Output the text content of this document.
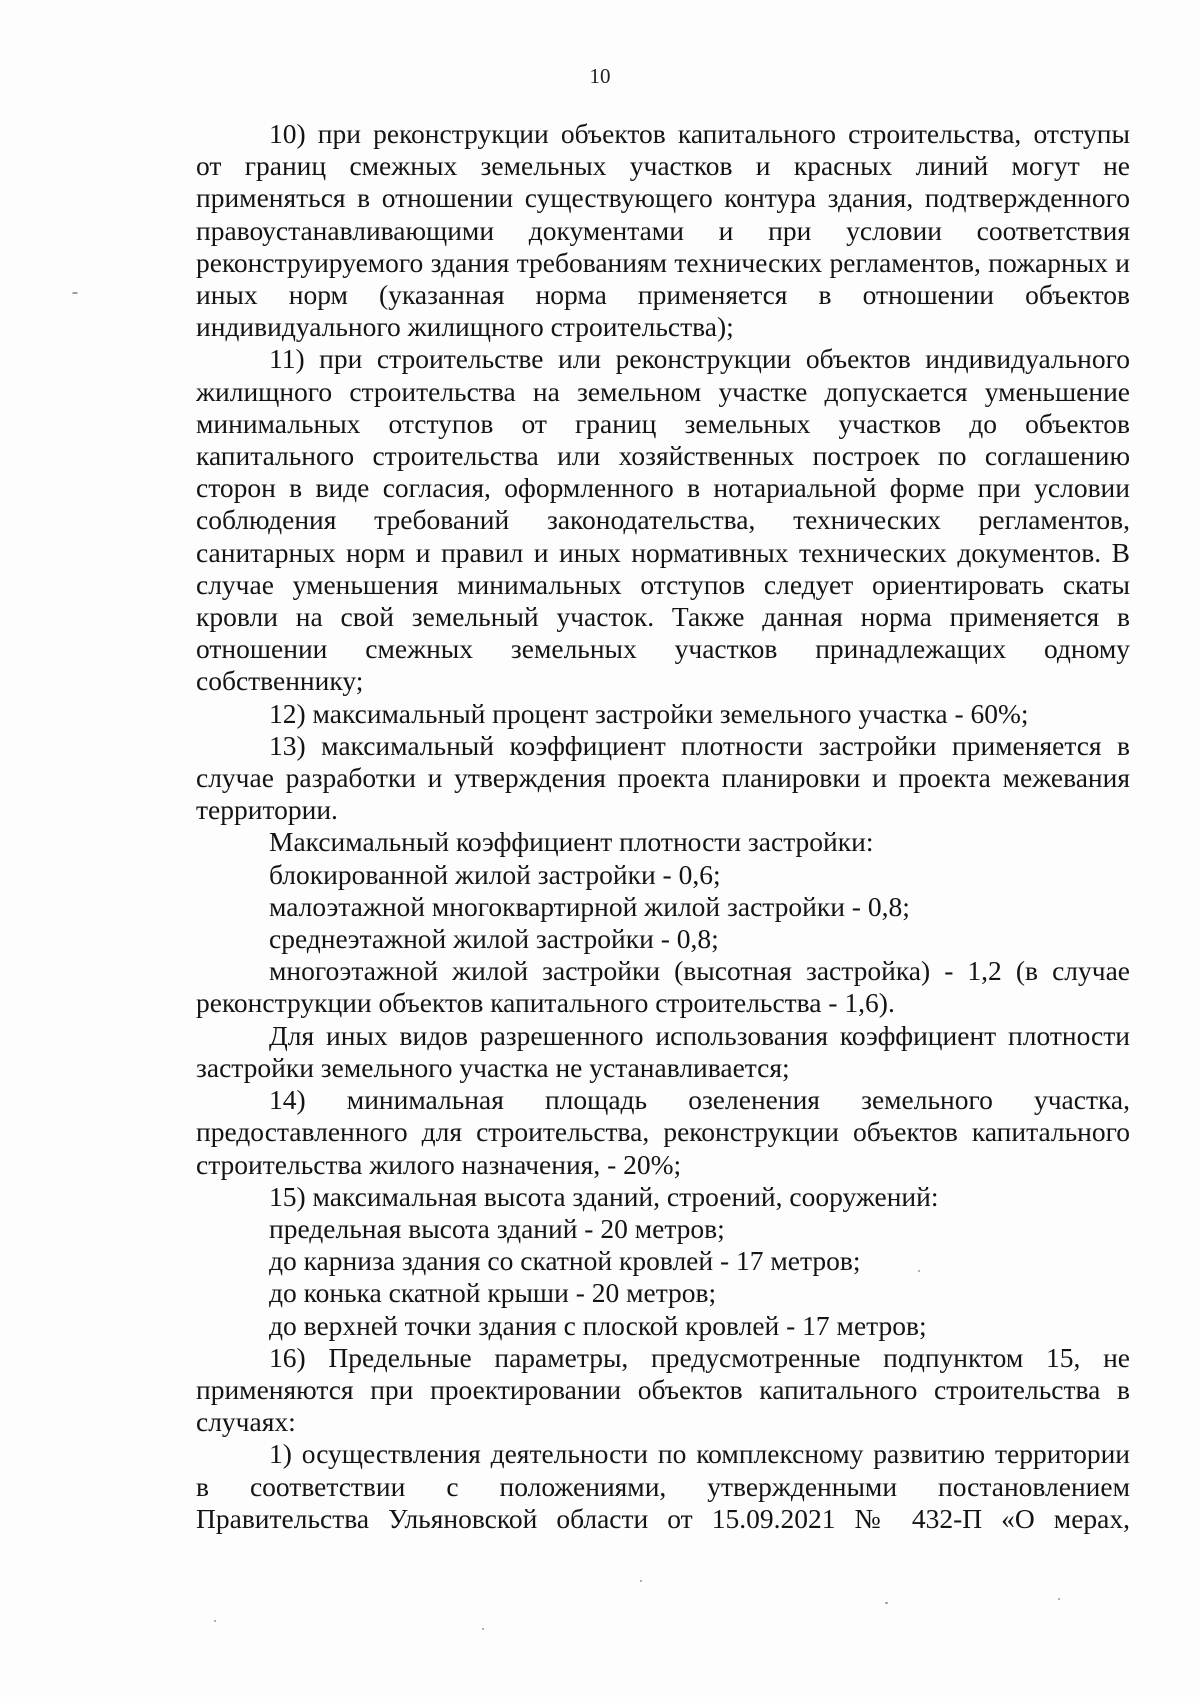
10

10) при реконструкции объектов капитального строительства, отступы от границ смежных земельных участков и красных линий могут не применяться в отношении существующего контура здания, подтвержденного правоустанавливающими документами и при условии соответствия реконструируемого здания требованиям технических регламентов, пожарных и иных норм (указанная норма применяется в отношении объектов индивидуального жилищного строительства);

11) при строительстве или реконструкции объектов индивидуального жилищного строительства на земельном участке допускается уменьшение минимальных отступов от границ земельных участков до объектов капитального строительства или хозяйственных построек по соглашению сторон в виде согласия, оформленного в нотариальной форме при условии соблюдения требований законодательства, технических регламентов, санитарных норм и правил и иных нормативных технических документов. В случае уменьшения минимальных отступов следует ориентировать скаты кровли на свой земельный участок. Также данная норма применяется в отношении смежных земельных участков принадлежащих одному собственнику;

12) максимальный процент застройки земельного участка - 60%;

13) максимальный коэффициент плотности застройки применяется в случае разработки и утверждения проекта планировки и проекта межевания территории.

Максимальный коэффициент плотности застройки:

блокированной жилой застройки - 0,6;

малоэтажной многоквартирной жилой застройки - 0,8;

среднеэтажной жилой застройки - 0,8;

многоэтажной жилой застройки (высотная застройка) - 1,2 (в случае реконструкции объектов капитального строительства - 1,6).

Для иных видов разрешенного использования коэффициент плотности застройки земельного участка не устанавливается;

14) минимальная площадь озеленения земельного участка, предоставленного для строительства, реконструкции объектов капитального строительства жилого назначения, - 20%;

15) максимальная высота зданий, строений, сооружений:

предельная высота зданий - 20 метров;

до карниза здания со скатной кровлей - 17 метров;

до конька скатной крыши - 20 метров;

до верхней точки здания с плоской кровлей - 17 метров;

16) Предельные параметры, предусмотренные подпунктом 15, не применяются при проектировании объектов капитального строительства в случаях:

1) осуществления деятельности по комплексному развитию территории в соответствии с положениями, утвержденными постановлением Правительства Ульяновской области от 15.09.2021 № 432-П «О мерах,
